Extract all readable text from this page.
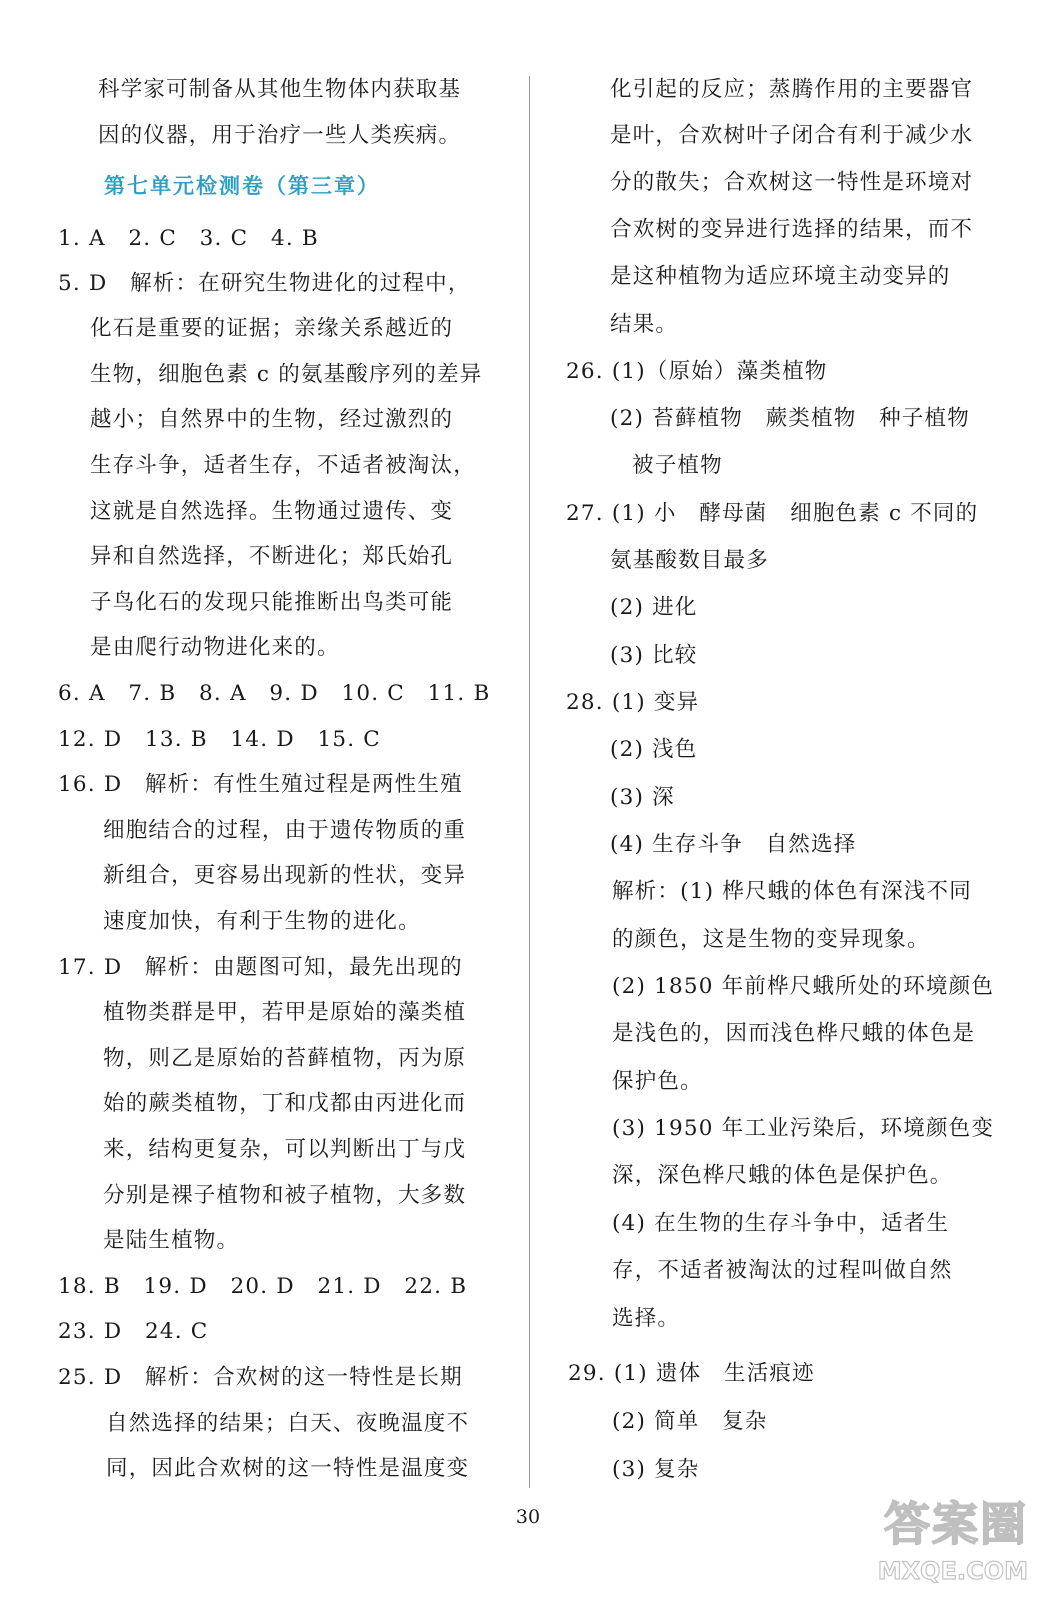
科学家可制备从其他生物体内获取基
因的仪器，用于治疗一些人类疾病。
第七单元检测卷（第三章）
1. A　2. C　3. C　4. B
5. D　解析：在研究生物进化的过程中，
化石是重要的证据；亲缘关系越近的
生物，细胞色素 c 的氨基酸序列的差异
越小；自然界中的生物，经过激烈的
生存斗争，适者生存，不适者被淘汰，
这就是自然选择。生物通过遗传、变
异和自然选择，不断进化；郑氏始孔
子鸟化石的发现只能推断出鸟类可能
是由爬行动物进化来的。
6. A　7. B　8. A　9. D　10. C　11. B
12. D　13. B　14. D　15. C
16. D　解析：有性生殖过程是两性生殖
细胞结合的过程，由于遗传物质的重
新组合，更容易出现新的性状，变异
速度加快，有利于生物的进化。
17. D　解析：由题图可知，最先出现的
植物类群是甲，若甲是原始的藻类植
物，则乙是原始的苔藓植物，丙为原
始的蕨类植物，丁和戊都由丙进化而
来，结构更复杂，可以判断出丁与戊
分别是裸子植物和被子植物，大多数
是陆生植物。
18. B　19. D　20. D　21. D　22. B
23. D　24. C
25. D　解析：合欢树的这一特性是长期
自然选择的结果；白天、夜晚温度不
同，因此合欢树的这一特性是温度变
化引起的反应；蒸腾作用的主要器官
是叶，合欢树叶子闭合有利于减少水
分的散失；合欢树这一特性是环境对
合欢树的变异进行选择的结果，而不
是这种植物为适应环境主动变异的
结果。
26. (1)（原始）藻类植物
(2) 苔藓植物　蕨类植物　种子植物
被子植物
27. (1) 小　酵母菌　细胞色素 c 不同的
氨基酸数目最多
(2) 进化
(3) 比较
28. (1) 变异
(2) 浅色
(3) 深
(4) 生存斗争　自然选择
解析：(1) 桦尺蛾的体色有深浅不同
的颜色，这是生物的变异现象。
(2) 1850 年前桦尺蛾所处的环境颜色
是浅色的，因而浅色桦尺蛾的体色是
保护色。
(3) 1950 年工业污染后，环境颜色变
深，深色桦尺蛾的体色是保护色。
(4) 在生物的生存斗争中，适者生
存，不适者被淘汰的过程叫做自然
选择。
29. (1) 遗体　生活痕迹
(2) 简单　复杂
(3) 复杂
30	答案圈
MXQE.COM
